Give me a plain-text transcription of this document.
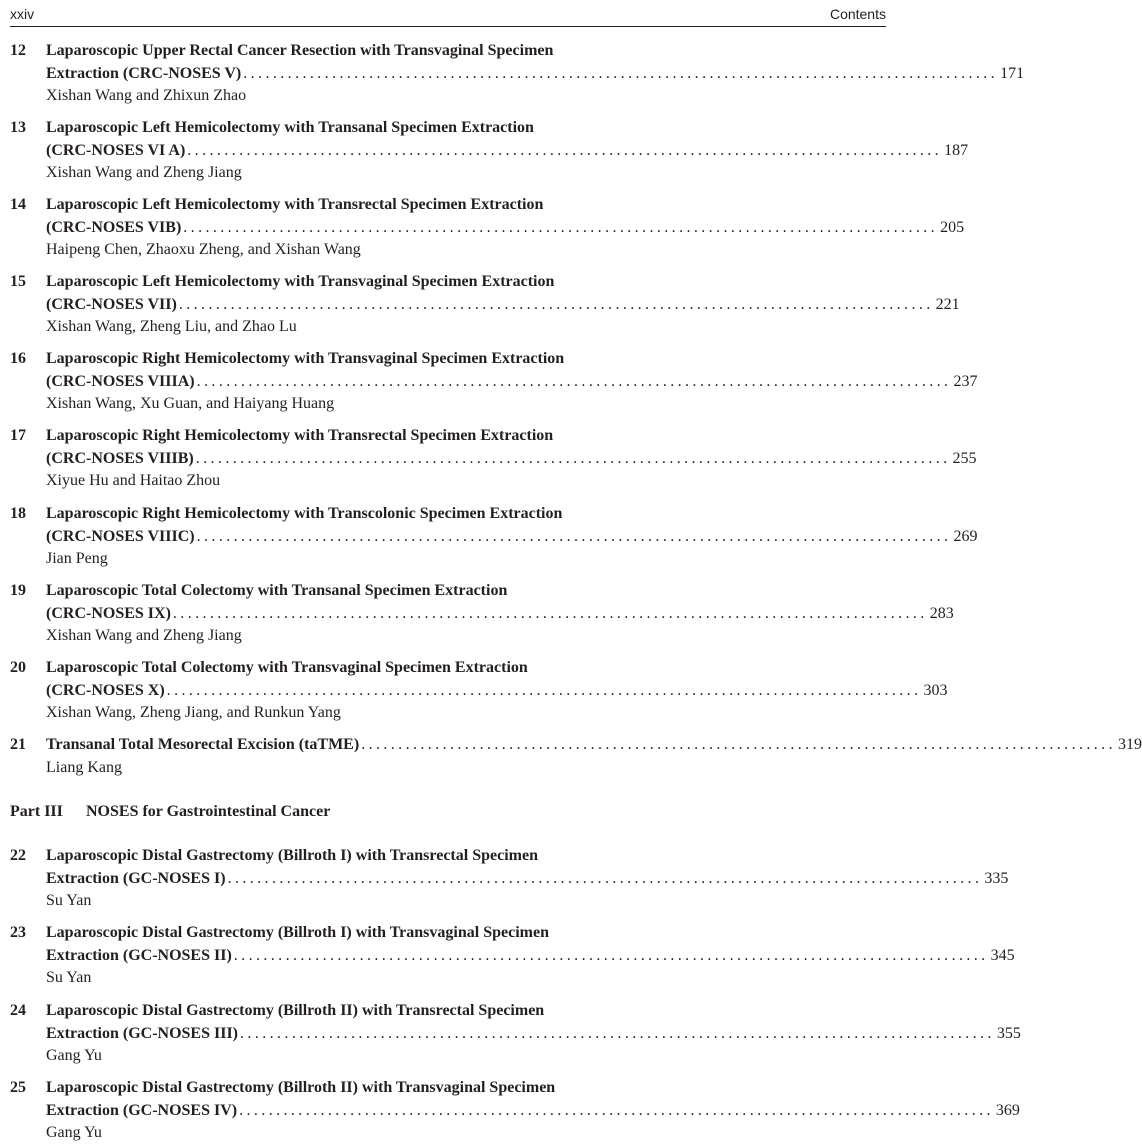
xxiv	Contents
12	Laparoscopic Upper Rectal Cancer Resection with Transvaginal Specimen
Extraction (CRC-NOSES V) ...................................................................................................... 171
Xishan Wang and Zhixun Zhao
13	Laparoscopic Left Hemicolectomy with Transanal Specimen Extraction
(CRC-NOSES VI A) ...................................................................................................... 187
Xishan Wang and Zheng Jiang
14	Laparoscopic Left Hemicolectomy with Transrectal Specimen Extraction
(CRC-NOSES VIB) ...................................................................................................... 205
Haipeng Chen, Zhaoxu Zheng, and Xishan Wang
15	Laparoscopic Left Hemicolectomy with Transvaginal Specimen Extraction
(CRC-NOSES VII) ...................................................................................................... 221
Xishan Wang, Zheng Liu, and Zhao Lu
16	Laparoscopic Right Hemicolectomy with Transvaginal Specimen Extraction
(CRC-NOSES VIIIA) ...................................................................................................... 237
Xishan Wang, Xu Guan, and Haiyang Huang
17	Laparoscopic Right Hemicolectomy with Transrectal Specimen Extraction
(CRC-NOSES VIIIB) ...................................................................................................... 255
Xiyue Hu and Haitao Zhou
18	Laparoscopic Right Hemicolectomy with Transcolonic Specimen Extraction
(CRC-NOSES VIIIC) ...................................................................................................... 269
Jian Peng
19	Laparoscopic Total Colectomy with Transanal Specimen Extraction
(CRC-NOSES IX) ...................................................................................................... 283
Xishan Wang and Zheng Jiang
20	Laparoscopic Total Colectomy with Transvaginal Specimen Extraction
(CRC-NOSES X) ...................................................................................................... 303
Xishan Wang, Zheng Jiang, and Runkun Yang
21	Transanal Total Mesorectal Excision (taTME) ...................................................................................................... 319
Liang Kang
Part III NOSES for Gastrointestinal Cancer
22	Laparoscopic Distal Gastrectomy (Billroth I) with Transrectal Specimen
Extraction (GC-NOSES I) ...................................................................................................... 335
Su Yan
23	Laparoscopic Distal Gastrectomy (Billroth I) with Transvaginal Specimen
Extraction (GC-NOSES II) ...................................................................................................... 345
Su Yan
24	Laparoscopic Distal Gastrectomy (Billroth II) with Transrectal Specimen
Extraction (GC-NOSES III) ...................................................................................................... 355
Gang Yu
25	Laparoscopic Distal Gastrectomy (Billroth II) with Transvaginal Specimen
Extraction (GC-NOSES IV) ...................................................................................................... 369
Gang Yu
